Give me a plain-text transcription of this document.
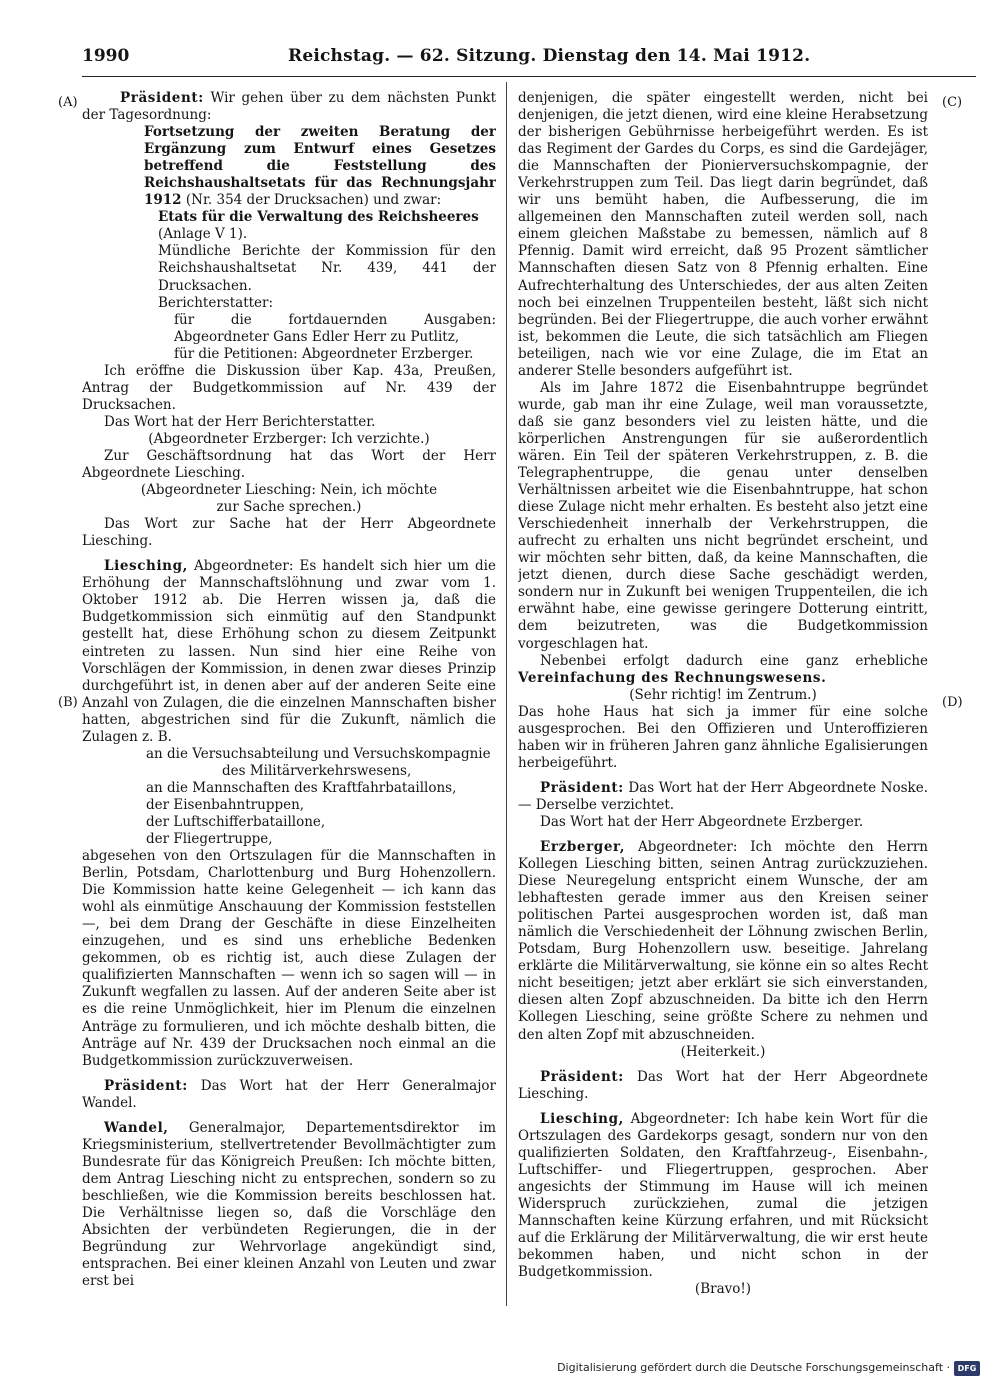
1990	Reichstag. — 62. Sitzung. Dienstag den 14. Mai 1912.
(A)
(B)
(C)
(D)

Präsident: Wir gehen über zu dem nächsten Punkt der Tagesordnung:

Fortsetzung der zweiten Beratung der Ergänzung zum Entwurf eines Gesetzes betreffend die Feststellung des Reichshaushaltsetats für das Rechnungsjahr 1912 (Nr. 354 der Drucksachen) und zwar:

Etats für die Verwaltung des Reichsheeres
(Anlage V 1).

Mündliche Berichte der Kommission für den Reichshaushaltsetat Nr. 439, 441 der Drucksachen.

Berichterstatter:

für die fortdauernden Ausgaben: Abgeordneter Gans Edler Herr zu Putlitz,

für die Petitionen: Abgeordneter Erzberger.

Ich eröffne die Diskussion über Kap. 43a, Preußen, Antrag der Budgetkommission auf Nr. 439 der Drucksachen.

Das Wort hat der Herr Berichterstatter.

(Abgeordneter Erzberger: Ich verzichte.)

Zur Geschäftsordnung hat das Wort der Herr Abgeordnete Liesching.

(Abgeordneter Liesching: Nein, ich möchte
zur Sache sprechen.)

Das Wort zur Sache hat der Herr Abgeordnete Liesching.

Liesching, Abgeordneter: Es handelt sich hier um die Erhöhung der Mannschaftslöhnung und zwar vom 1. Oktober 1912 ab. Die Herren wissen ja, daß die Budgetkommission sich einmütig auf den Standpunkt gestellt hat, diese Erhöhung schon zu diesem Zeitpunkt eintreten zu lassen. Nun sind hier eine Reihe von Vorschlägen der Kommission, in denen zwar dieses Prinzip durchgeführt ist, in denen aber auf der anderen Seite eine Anzahl von Zulagen, die die einzelnen Mannschaften bisher hatten, abgestrichen sind für die Zukunft, nämlich die Zulagen z. B.

an die Versuchsabteilung und Versuchskompagnie
des Militärverkehrswesens,

an die Mannschaften des Kraftfahrbataillons,

der Eisenbahntruppen,

der Luftschifferbataillone,

der Fliegertruppe,

abgesehen von den Ortszulagen für die Mannschaften in Berlin, Potsdam, Charlottenburg und Burg Hohenzollern. Die Kommission hatte keine Gelegenheit — ich kann das wohl als einmütige Anschauung der Kommission feststellen —, bei dem Drang der Geschäfte in diese Einzelheiten einzugehen, und es sind uns erhebliche Bedenken gekommen, ob es richtig ist, auch diese Zulagen der qualifizierten Mannschaften — wenn ich so sagen will — in Zukunft wegfallen zu lassen. Auf der anderen Seite aber ist es die reine Unmöglichkeit, hier im Plenum die einzelnen Anträge zu formulieren, und ich möchte deshalb bitten, die Anträge auf Nr. 439 der Drucksachen noch einmal an die Budgetkommission zurückzuverweisen.

Präsident: Das Wort hat der Herr Generalmajor Wandel.

Wandel, Generalmajor, Departementsdirektor im Kriegsministerium, stellvertretender Bevollmächtigter zum Bundesrate für das Königreich Preußen: Ich möchte bitten, dem Antrag Liesching nicht zu entsprechen, sondern so zu beschließen, wie die Kommission bereits beschlossen hat. Die Verhältnisse liegen so, daß die Vorschläge den Absichten der verbündeten Regierungen, die in der Begründung zur Wehrvorlage angekündigt sind, entsprachen. Bei einer kleinen Anzahl von Leuten und zwar erst bei

denjenigen, die später eingestellt werden, nicht bei denjenigen, die jetzt dienen, wird eine kleine Herabsetzung der bisherigen Gebührnisse herbeigeführt werden. Es ist das Regiment der Gardes du Corps, es sind die Gardejäger, die Mannschaften der Pionierversuchskompagnie, der Verkehrstruppen zum Teil. Das liegt darin begründet, daß wir uns bemüht haben, die Aufbesserung, die im allgemeinen den Mannschaften zuteil werden soll, nach einem gleichen Maßstabe zu bemessen, nämlich auf 8 Pfennig. Damit wird erreicht, daß 95 Prozent sämtlicher Mannschaften diesen Satz von 8 Pfennig erhalten. Eine Aufrechterhaltung des Unterschiedes, der aus alten Zeiten noch bei einzelnen Truppenteilen besteht, läßt sich nicht begründen. Bei der Fliegertruppe, die auch vorher erwähnt ist, bekommen die Leute, die sich tatsächlich am Fliegen beteiligen, nach wie vor eine Zulage, die im Etat an anderer Stelle besonders aufgeführt ist.

Als im Jahre 1872 die Eisenbahntruppe begründet wurde, gab man ihr eine Zulage, weil man voraussetzte, daß sie ganz besonders viel zu leisten hätte, und die körperlichen Anstrengungen für sie außerordentlich wären. Ein Teil der späteren Verkehrstruppen, z. B. die Telegraphentruppe, die genau unter denselben Verhältnissen arbeitet wie die Eisenbahntruppe, hat schon diese Zulage nicht mehr erhalten. Es besteht also jetzt eine Verschiedenheit innerhalb der Verkehrstruppen, die aufrecht zu erhalten uns nicht begründet erscheint, und wir möchten sehr bitten, daß, da keine Mannschaften, die jetzt dienen, durch diese Sache geschädigt werden, sondern nur in Zukunft bei wenigen Truppenteilen, die ich erwähnt habe, eine gewisse geringere Dotterung eintritt, dem beizutreten, was die Budgetkommission vorgeschlagen hat.

Nebenbei erfolgt dadurch eine ganz erhebliche Vereinfachung des Rechnungswesens.

(Sehr richtig! im Zentrum.)

Das hohe Haus hat sich ja immer für eine solche ausgesprochen. Bei den Offizieren und Unteroffizieren haben wir in früheren Jahren ganz ähnliche Egalisierungen herbeigeführt.

Präsident: Das Wort hat der Herr Abgeordnete Noske. — Derselbe verzichtet.

Das Wort hat der Herr Abgeordnete Erzberger.

Erzberger, Abgeordneter: Ich möchte den Herrn Kollegen Liesching bitten, seinen Antrag zurückzuziehen. Diese Neuregelung entspricht einem Wunsche, der am lebhaftesten gerade immer aus den Kreisen seiner politischen Partei ausgesprochen worden ist, daß man nämlich die Verschiedenheit der Löhnung zwischen Berlin, Potsdam, Burg Hohenzollern usw. beseitige. Jahrelang erklärte die Militärverwaltung, sie könne ein so altes Recht nicht beseitigen; jetzt aber erklärt sie sich einverstanden, diesen alten Zopf abzuschneiden. Da bitte ich den Herrn Kollegen Liesching, seine größte Schere zu nehmen und den alten Zopf mit abzuschneiden.

(Heiterkeit.)

Präsident: Das Wort hat der Herr Abgeordnete Liesching.

Liesching, Abgeordneter: Ich habe kein Wort für die Ortszulagen des Gardekorps gesagt, sondern nur von den qualifizierten Soldaten, den Kraftfahrzeug-, Eisenbahn-, Luftschiffer- und Fliegertruppen, gesprochen. Aber angesichts der Stimmung im Hause will ich meinen Widerspruch zurückziehen, zumal die jetzigen Mannschaften keine Kürzung erfahren, und mit Rücksicht auf die Erklärung der Militärverwaltung, die wir erst heute bekommen haben, und nicht schon in der Budgetkommission.

(Bravo!)

Digitalisierung gefördert durch die Deutsche Forschungsgemeinschaft · DFG
